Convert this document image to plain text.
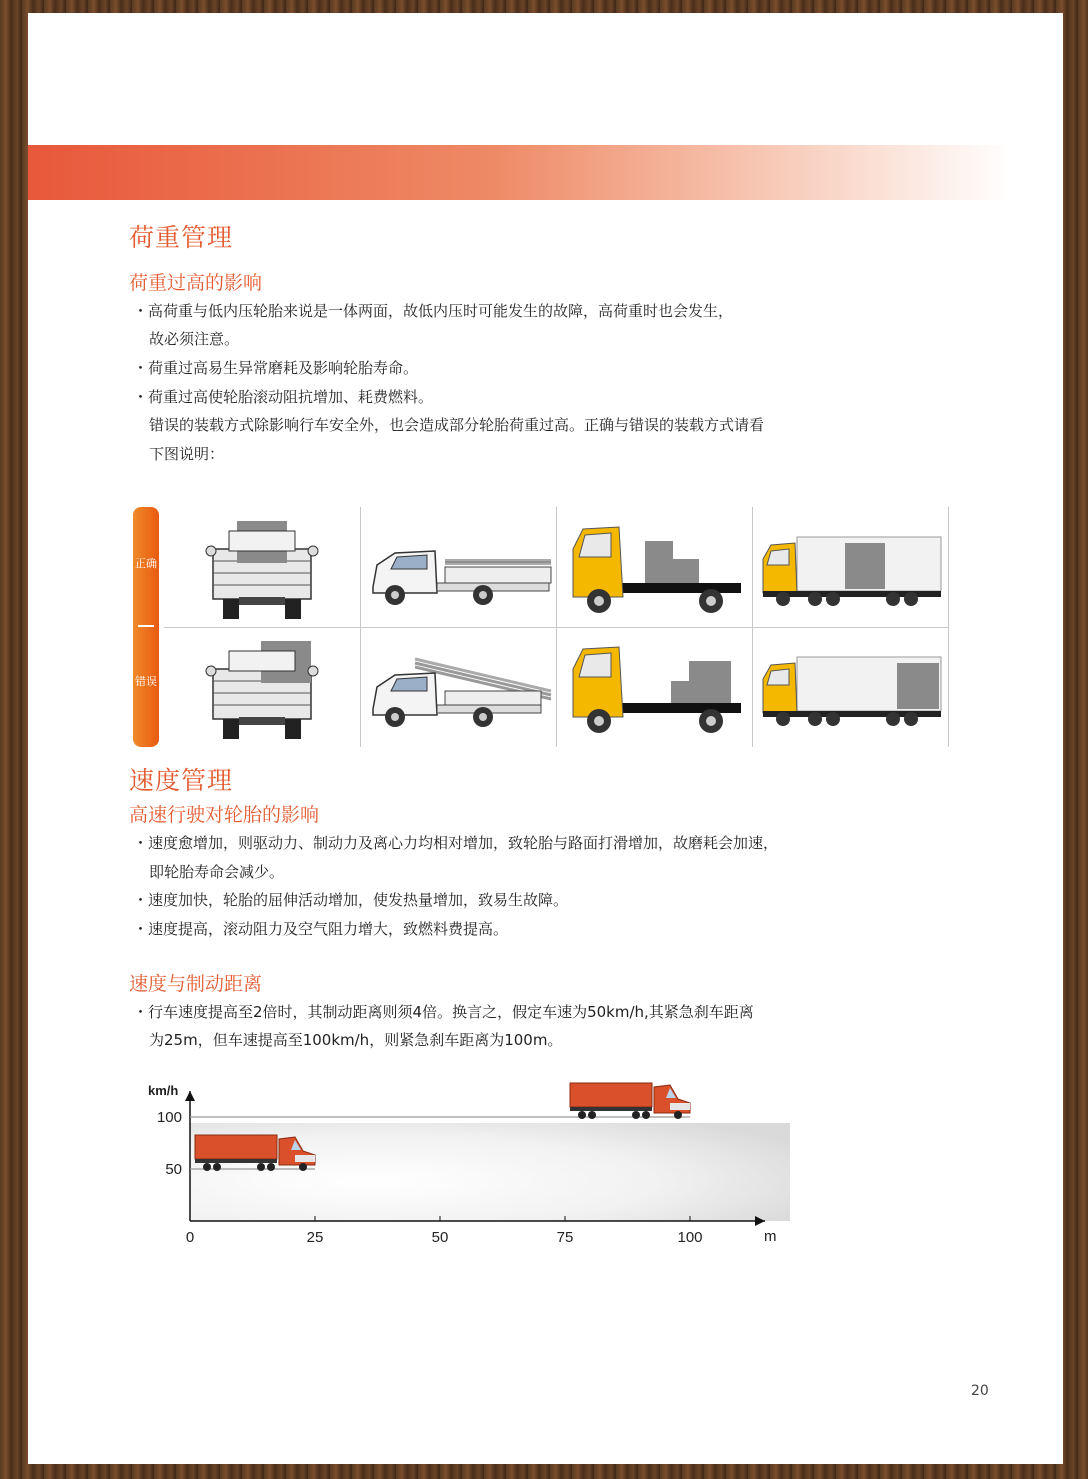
荷重管理
荷重过高的影响
・高荷重与低内压轮胎来说是一体两面，故低内压时可能发生的故障，高荷重时也会发生，
故必须注意。
・荷重过高易生异常磨耗及影响轮胎寿命。
・荷重过高使轮胎滚动阻抗增加、耗费燃料。
错误的装载方式除影响行车安全外，也会造成部分轮胎荷重过高。正确与错误的装载方式请看
下图说明：
正确
错误
速度管理
高速行驶对轮胎的影响
・速度愈增加，则驱动力、制动力及离心力均相对增加，致轮胎与路面打滑增加，故磨耗会加速，
即轮胎寿命会减少。
・速度加快，轮胎的屈伸活动增加，使发热量增加，致易生故障。
・速度提高，滚动阻力及空气阻力增大，致燃料费提高。
速度与制动距离
・行车速度提高至2倍时，其制动距离则须4倍。换言之，假定车速为50km/h,其紧急刹车距离
为25m，但车速提高至100km/h，则紧急刹车距离为100m。
0	25	50	75	100
50
100
km/h
m
20
